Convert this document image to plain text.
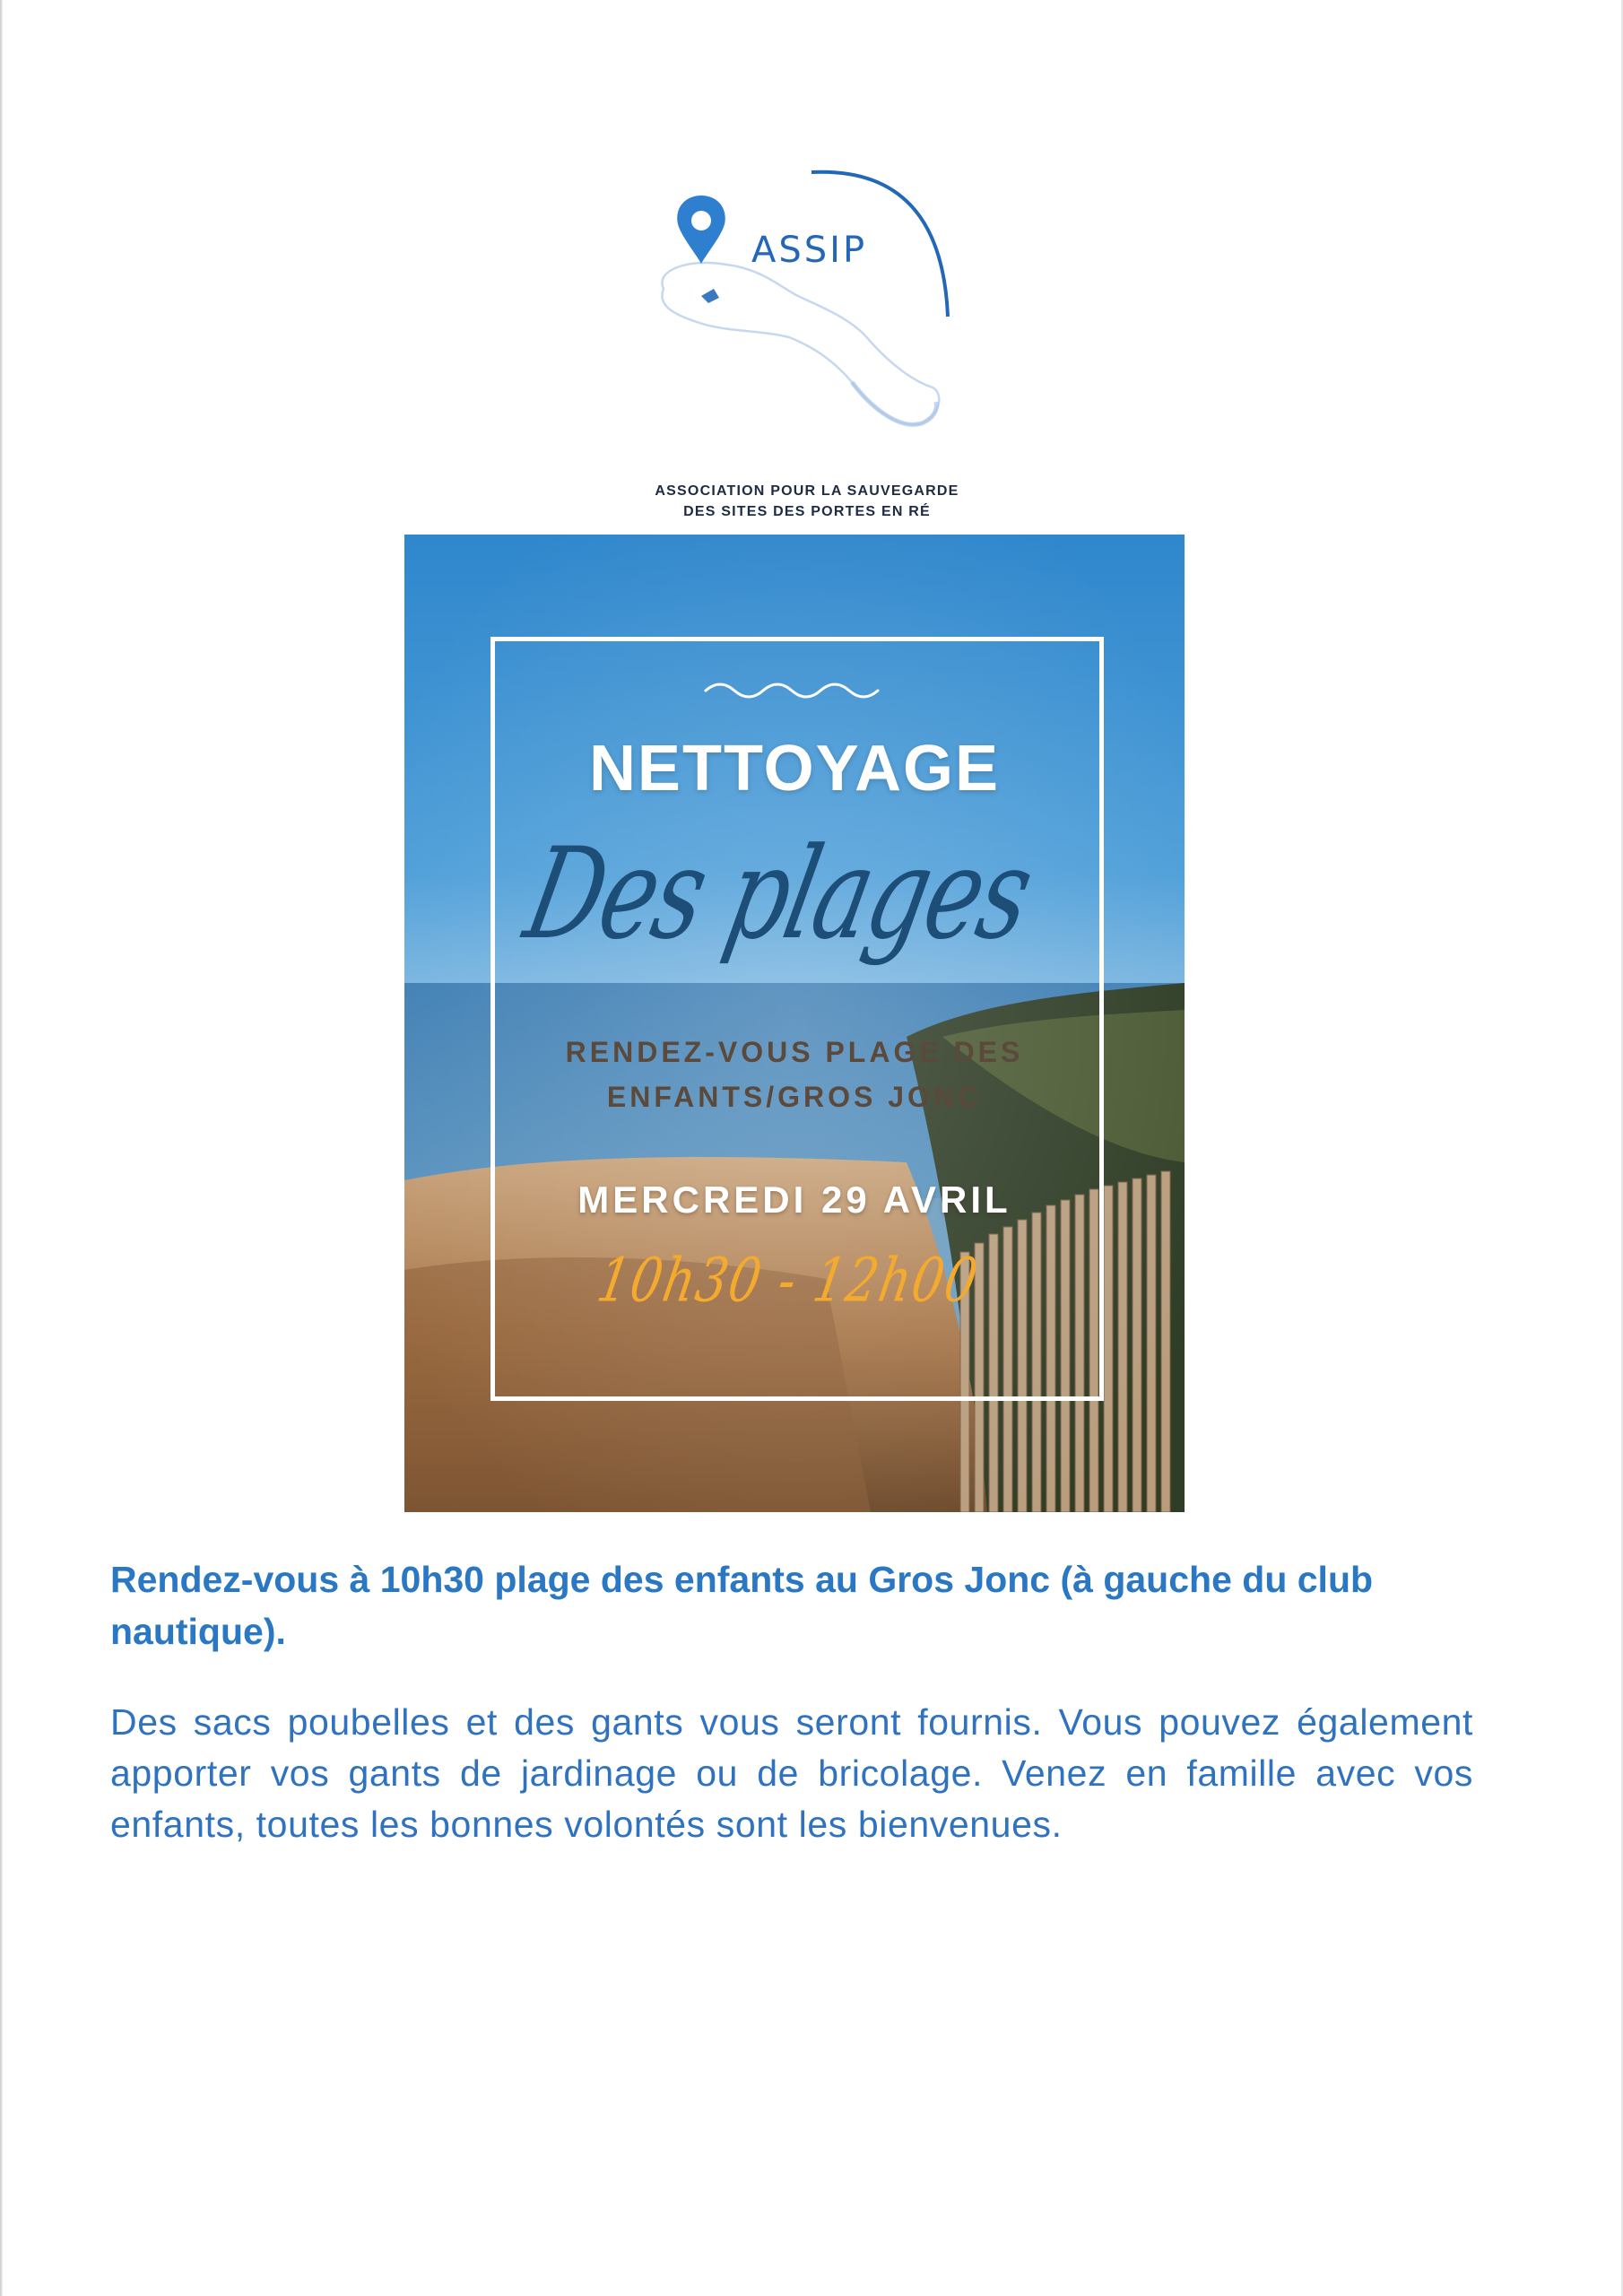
ASSIP
ASSOCIATION POUR LA SAUVEGARDE
DES SITES DES PORTES EN RÉ
NETTOYAGE
Des plages
RENDEZ-VOUS PLAGE DES
ENFANTS/GROS JONC
MERCREDI 29 AVRIL
10h30 - 12h00
Rendez-vous à 10h30 plage des enfants au Gros Jonc (à gauche du club nautique).
Des sacs poubelles et des gants vous seront fournis. Vous pouvez également apporter vos gants de jardinage ou de bricolage. Venez en famille avec vos enfants, toutes les bonnes volontés sont les bienvenues.
